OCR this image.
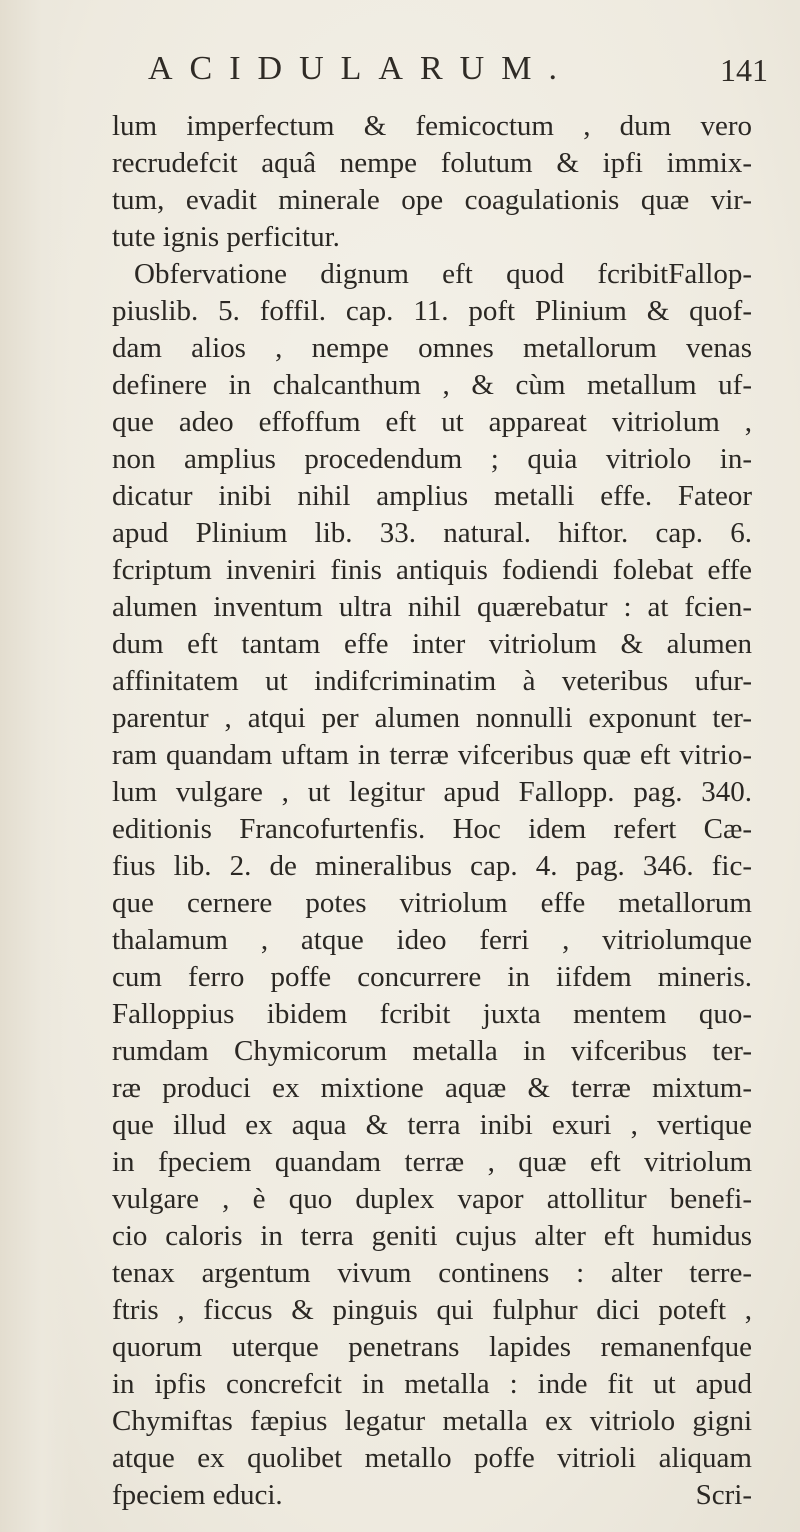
ACIDULARUM.	141
lum imperfectum & femicoctum , dum vero
recrudefcit aquâ nempe folutum & ipfi immix-
tum, evadit minerale ope coagulationis quæ vir-
tute ignis perficitur.
Obfervatione dignum eft quod fcribitFallop-
piuslib. 5. foffil. cap. 11. poft Plinium & quof-
dam alios , nempe omnes metallorum venas
definere in chalcanthum , & cùm metallum uf-
que adeo effoffum eft ut appareat vitriolum ,
non amplius procedendum ; quia vitriolo in-
dicatur inibi nihil amplius metalli effe. Fateor
apud Plinium lib. 33. natural. hiftor. cap. 6.
fcriptum inveniri finis antiquis fodiendi folebat effe
alumen inventum ultra nihil quærebatur : at fcien-
dum eft tantam effe inter vitriolum & alumen
affinitatem ut indifcriminatim à veteribus ufur-
parentur , atqui per alumen nonnulli exponunt ter-
ram quandam uftam in terræ vifceribus quæ eft vitrio-
lum vulgare , ut legitur apud Fallopp. pag. 340.
editionis Francofurtenfis. Hoc idem refert Cæ-
fius lib. 2. de mineralibus cap. 4. pag. 346. fic-
que cernere potes vitriolum effe metallorum
thalamum , atque ideo ferri , vitriolumque
cum ferro poffe concurrere in iifdem mineris.
Falloppius ibidem fcribit juxta mentem quo-
rumdam Chymicorum metalla in vifceribus ter-
ræ produci ex mixtione aquæ & terræ mixtum-
que illud ex aqua & terra inibi exuri , vertique
in fpeciem quandam terræ , quæ eft vitriolum
vulgare , è quo duplex vapor attollitur benefi-
cio caloris in terra geniti cujus alter eft humidus
tenax argentum vivum continens : alter terre-
ftris , ficcus & pinguis qui fulphur dici poteft ,
quorum uterque penetrans lapides remanenfque
in ipfis concrefcit in metalla : inde fit ut apud
Chymiftas fæpius legatur metalla ex vitriolo gigni
atque ex quolibet metallo poffe vitrioli aliquam
fpeciem educi.	Scri-
